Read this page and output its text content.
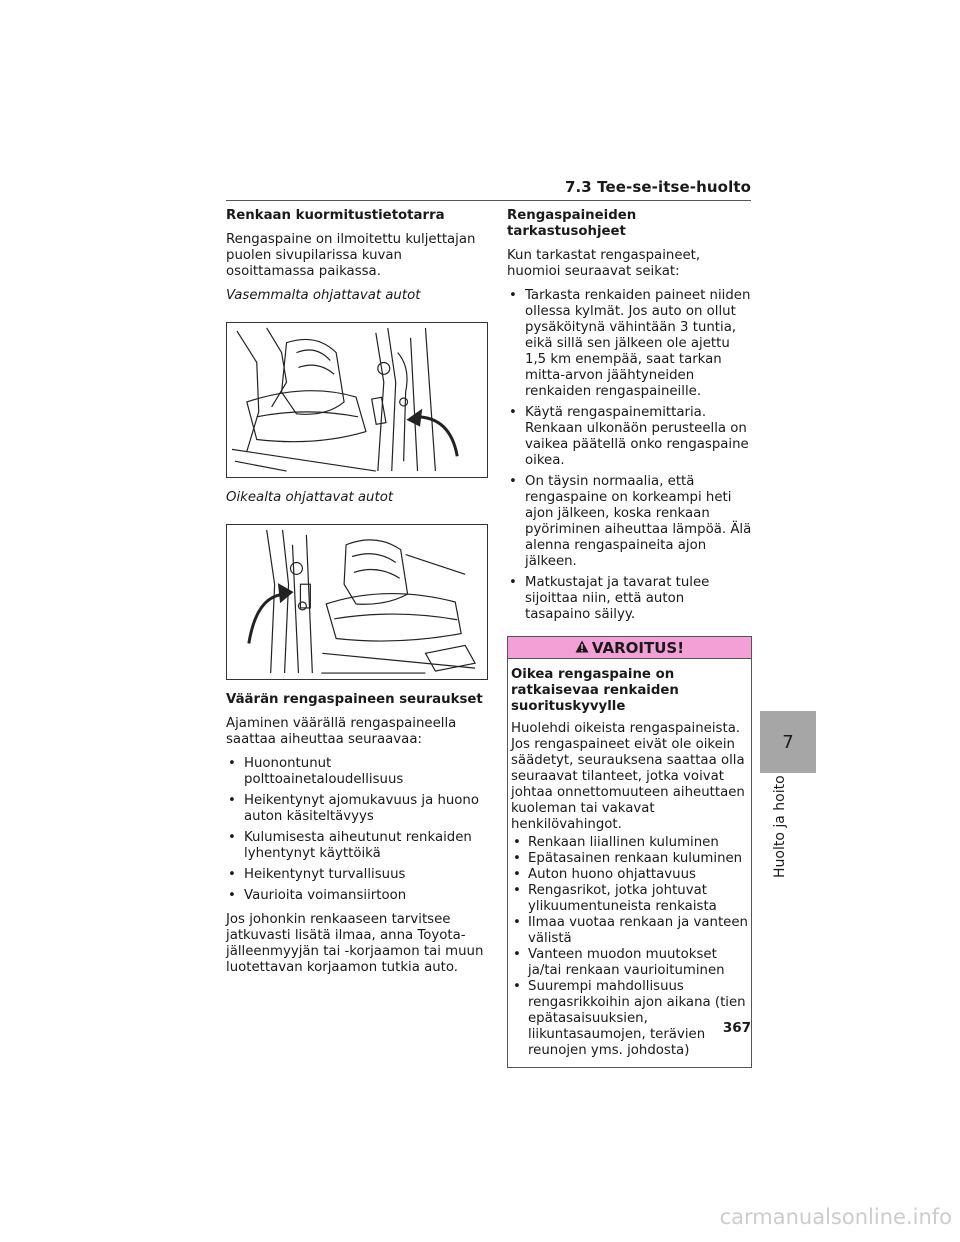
7.3 Tee-se-itse-huolto
Renkaan kuormitustietotarra
Rengaspaine on ilmoitettu kuljettajan puolen sivupilarissa kuvan osoittamassa paikassa.
Vasemmalta ohjattavat autot
Oikealta ohjattavat autot
Väärän rengaspaineen seuraukset
Ajaminen väärällä rengaspaineella saattaa aiheuttaa seuraavaa:
• Huonontunut polttoainetaloudellisuus
• Heikentynyt ajomukavuus ja huono auton käsiteltävyys
• Kulumisesta aiheutunut renkaiden lyhentynyt käyttöikä
• Heikentynyt turvallisuus
• Vaurioita voimansiirtoon
Jos johonkin renkaaseen tarvitsee jatkuvasti lisätä ilmaa, anna Toyota-jälleenmyyjän tai -korjaamon tai muun luotettavan korjaamon tutkia auto.
Rengaspaineiden tarkastusohjeet
Kun tarkastat rengaspaineet, huomioi seuraavat seikat:
• Tarkasta renkaiden paineet niiden ollessa kylmät. Jos auto on ollut pysäköitynä vähintään 3 tuntia, eikä sillä sen jälkeen ole ajettu 1,5 km enempää, saat tarkan mitta-arvon jäähtyneiden renkaiden rengaspaineille.
• Käytä rengaspainemittaria. Renkaan ulkonäön perusteella on vaikea päätellä onko rengaspaine oikea.
• On täysin normaalia, että rengaspaine on korkeampi heti ajon jälkeen, koska renkaan pyöriminen aiheuttaa lämpöä. Älä alenna rengaspaineita ajon jälkeen.
• Matkustajat ja tavarat tulee sijoittaa niin, että auton tasapaino säilyy.
VAROITUS!
Oikea rengaspaine on ratkaisevaa renkaiden suorituskyvylle
Huolehdi oikeista rengaspaineista. Jos rengaspaineet eivät ole oikein säädetyt, seurauksena saattaa olla seuraavat tilanteet, jotka voivat johtaa onnettomuuteen aiheuttaen kuoleman tai vakavat henkilövahingot.
• Renkaan liiallinen kuluminen
• Epätasainen renkaan kuluminen
• Auton huono ohjattavuus
• Rengasrikot, jotka johtuvat ylikuumentuneista renkaista
• Ilmaa vuotaa renkaan ja vanteen välistä
• Vanteen muodon muutokset ja/tai renkaan vaurioituminen
• Suurempi mahdollisuus rengasrikkoihin ajon aikana (tien epätasaisuuksien, liikuntasaumojen, terävien reunojen yms. johdosta)
7
Huolto ja hoito
367
carmanualsonline.info
